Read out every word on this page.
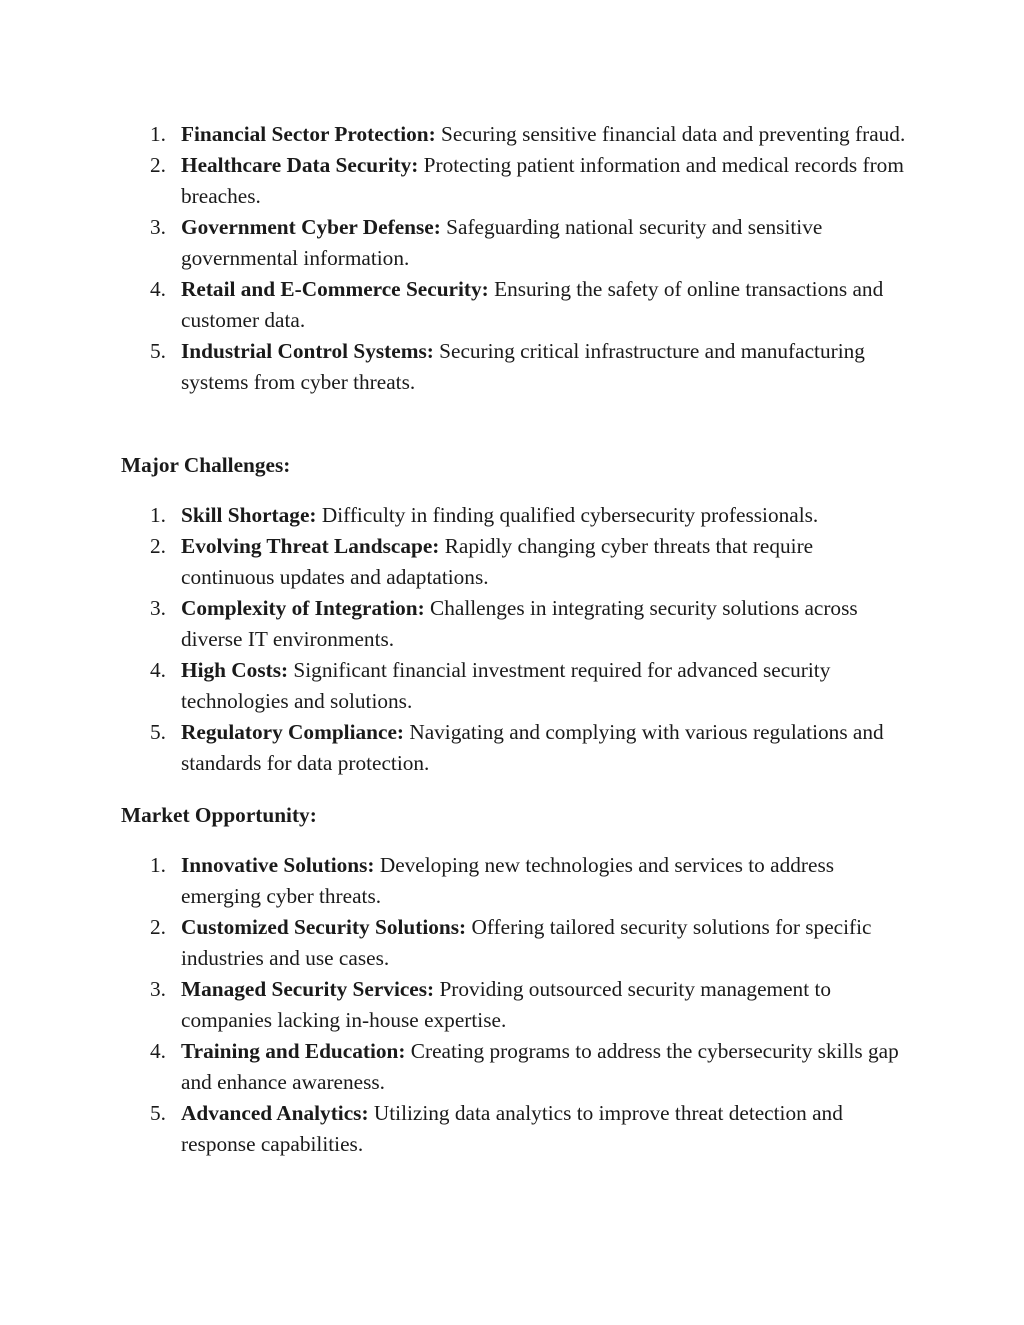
1. Financial Sector Protection: Securing sensitive financial data and preventing fraud.
2. Healthcare Data Security: Protecting patient information and medical records from breaches.
3. Government Cyber Defense: Safeguarding national security and sensitive governmental information.
4. Retail and E-Commerce Security: Ensuring the safety of online transactions and customer data.
5. Industrial Control Systems: Securing critical infrastructure and manufacturing systems from cyber threats.
Major Challenges:
1. Skill Shortage: Difficulty in finding qualified cybersecurity professionals.
2. Evolving Threat Landscape: Rapidly changing cyber threats that require continuous updates and adaptations.
3. Complexity of Integration: Challenges in integrating security solutions across diverse IT environments.
4. High Costs: Significant financial investment required for advanced security technologies and solutions.
5. Regulatory Compliance: Navigating and complying with various regulations and standards for data protection.
Market Opportunity:
1. Innovative Solutions: Developing new technologies and services to address emerging cyber threats.
2. Customized Security Solutions: Offering tailored security solutions for specific industries and use cases.
3. Managed Security Services: Providing outsourced security management to companies lacking in-house expertise.
4. Training and Education: Creating programs to address the cybersecurity skills gap and enhance awareness.
5. Advanced Analytics: Utilizing data analytics to improve threat detection and response capabilities.
